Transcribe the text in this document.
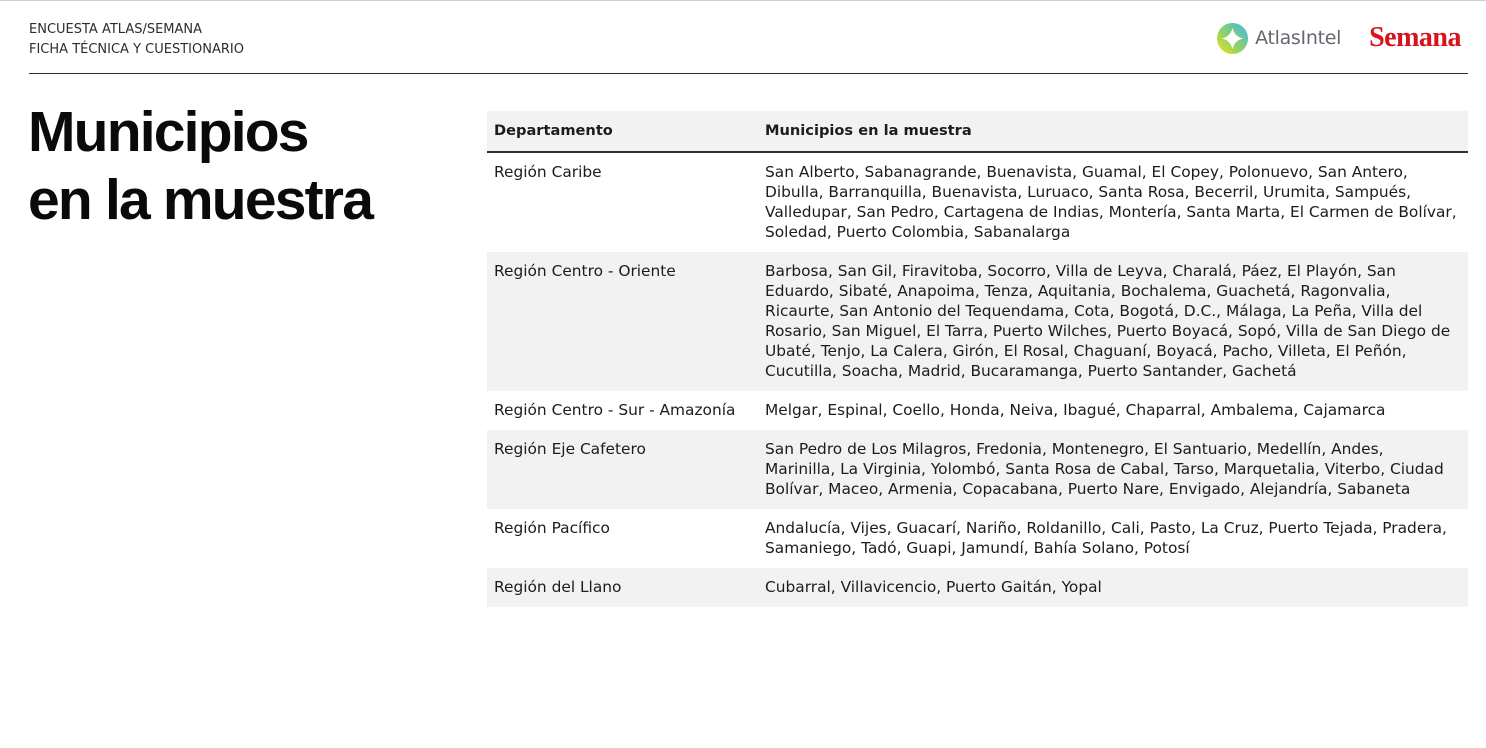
ENCUESTA ATLAS/SEMANA
FICHA TÉCNICA Y CUESTIONARIO
AtlasIntel Semana
Municipios
en la muestra
Departamento	Municipios en la muestra
Región Caribe	San Alberto, Sabanagrande, Buenavista, Guamal, El Copey, Polonuevo, San Antero, Dibulla, Barranquilla, Buenavista, Luruaco, Santa Rosa, Becerril, Urumita, Sampués, Valledupar, San Pedro, Cartagena de Indias, Montería, Santa Marta, El Carmen de Bolívar, Soledad, Puerto Colombia, Sabanalarga
Región Centro - Oriente	Barbosa, San Gil, Firavitoba, Socorro, Villa de Leyva, Charalá, Páez, El Playón, San Eduardo, Sibaté, Anapoima, Tenza, Aquitania, Bochalema, Guachetá, Ragonvalia, Ricaurte, San Antonio del Tequendama, Cota, Bogotá, D.C., Málaga, La Peña, Villa del Rosario, San Miguel, El Tarra, Puerto Wilches, Puerto Boyacá, Sopó, Villa de San Diego de Ubaté, Tenjo, La Calera, Girón, El Rosal, Chaguaní, Boyacá, Pacho, Villeta, El Peñón, Cucutilla, Soacha, Madrid, Bucaramanga, Puerto Santander, Gachetá
Región Centro - Sur - Amazonía	Melgar, Espinal, Coello, Honda, Neiva, Ibagué, Chaparral, Ambalema, Cajamarca
Región Eje Cafetero	San Pedro de Los Milagros, Fredonia, Montenegro, El Santuario, Medellín, Andes, Marinilla, La Virginia, Yolombó, Santa Rosa de Cabal, Tarso, Marquetalia, Viterbo, Ciudad Bolívar, Maceo, Armenia, Copacabana, Puerto Nare, Envigado, Alejandría, Sabaneta
Región Pacífico	Andalucía, Vijes, Guacarí, Nariño, Roldanillo, Cali, Pasto, La Cruz, Puerto Tejada, Pradera, Samaniego, Tadó, Guapi, Jamundí, Bahía Solano, Potosí
Región del Llano	Cubarral, Villavicencio, Puerto Gaitán, Yopal
